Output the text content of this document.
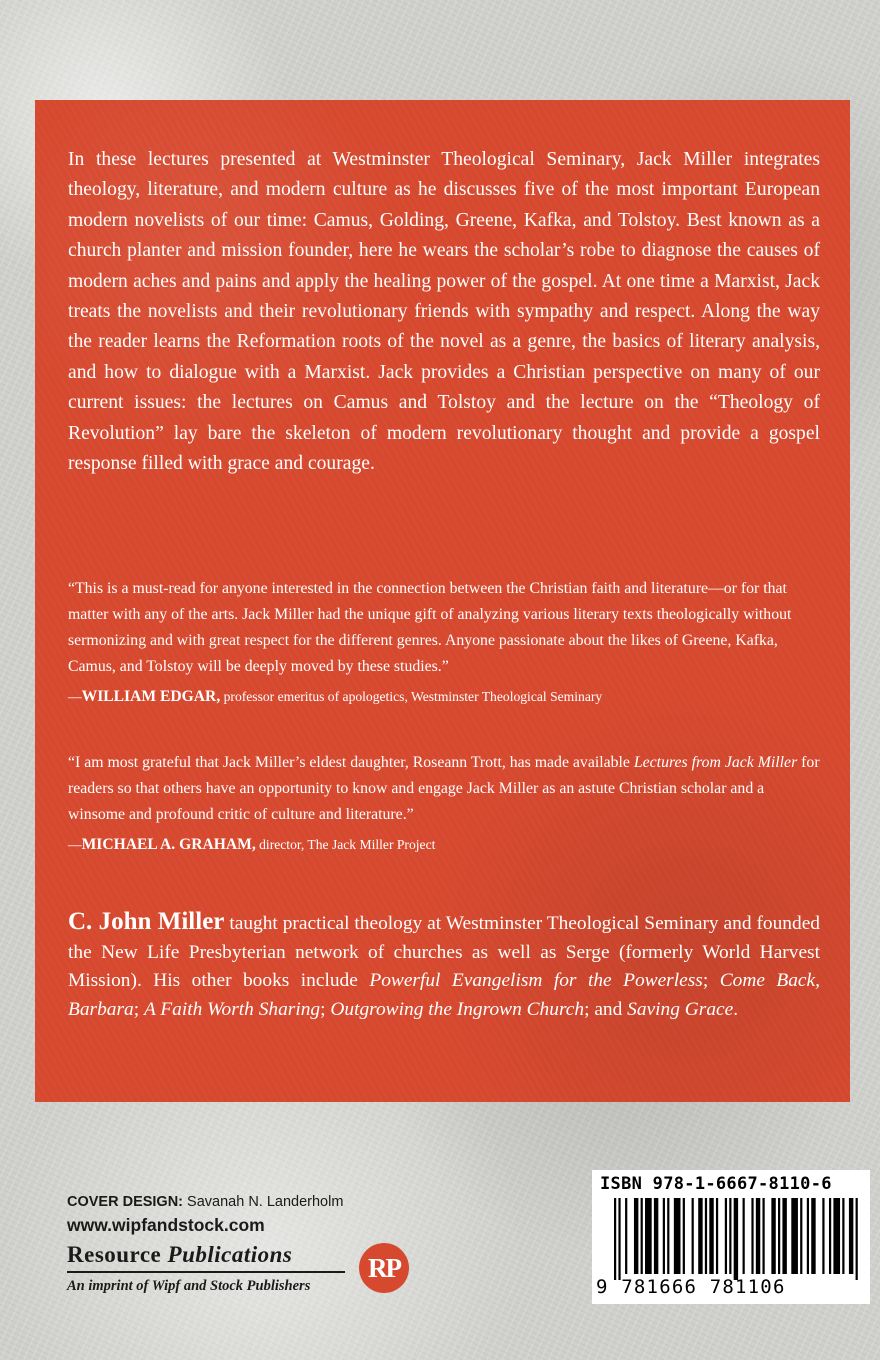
In these lectures presented at Westminster Theological Seminary, Jack Miller integrates theology, literature, and modern culture as he discusses five of the most important European modern novelists of our time: Camus, Golding, Greene, Kafka, and Tolstoy. Best known as a church planter and mission founder, here he wears the scholar’s robe to diagnose the causes of modern aches and pains and apply the healing power of the gospel. At one time a Marxist, Jack treats the novelists and their revolutionary friends with sympathy and respect. Along the way the reader learns the Reformation roots of the novel as a genre, the basics of literary analysis, and how to dialogue with a Marxist. Jack provides a Christian perspective on many of our current issues: the lectures on Camus and Tolstoy and the lecture on the “Theology of Revolution” lay bare the skeleton of modern revolutionary thought and provide a gospel response filled with grace and courage.

“This is a must-read for anyone interested in the connection between the Christian faith and literature—or for that matter with any of the arts. Jack Miller had the unique gift of analyzing various literary texts theologically without sermonizing and with great respect for the different genres. Anyone passionate about the likes of Greene, Kafka, Camus, and Tolstoy will be deeply moved by these studies.”

—WILLIAM EDGAR, professor emeritus of apologetics, Westminster Theological Seminary

“I am most grateful that Jack Miller’s eldest daughter, Roseann Trott, has made available Lectures from Jack Miller for readers so that others have an opportunity to know and engage Jack Miller as an astute Christian scholar and a winsome and profound critic of culture and literature.”

—MICHAEL A. GRAHAM, director, The Jack Miller Project

C. John Miller taught practical theology at Westminster Theological Seminary and founded the New Life Presbyterian network of churches as well as Serge (formerly World Harvest Mission). His other books include Powerful Evangelism for the Powerless; Come Back, Barbara; A Faith Worth Sharing; Outgrowing the Ingrown Church; and Saving Grace.

COVER DESIGN: Savanah N. Landerholm
www.wipfandstock.com
Resource Publications
An imprint of Wipf and Stock Publishers
RP
ISBN 978-1-6667-8110-6
9 781666 781106
